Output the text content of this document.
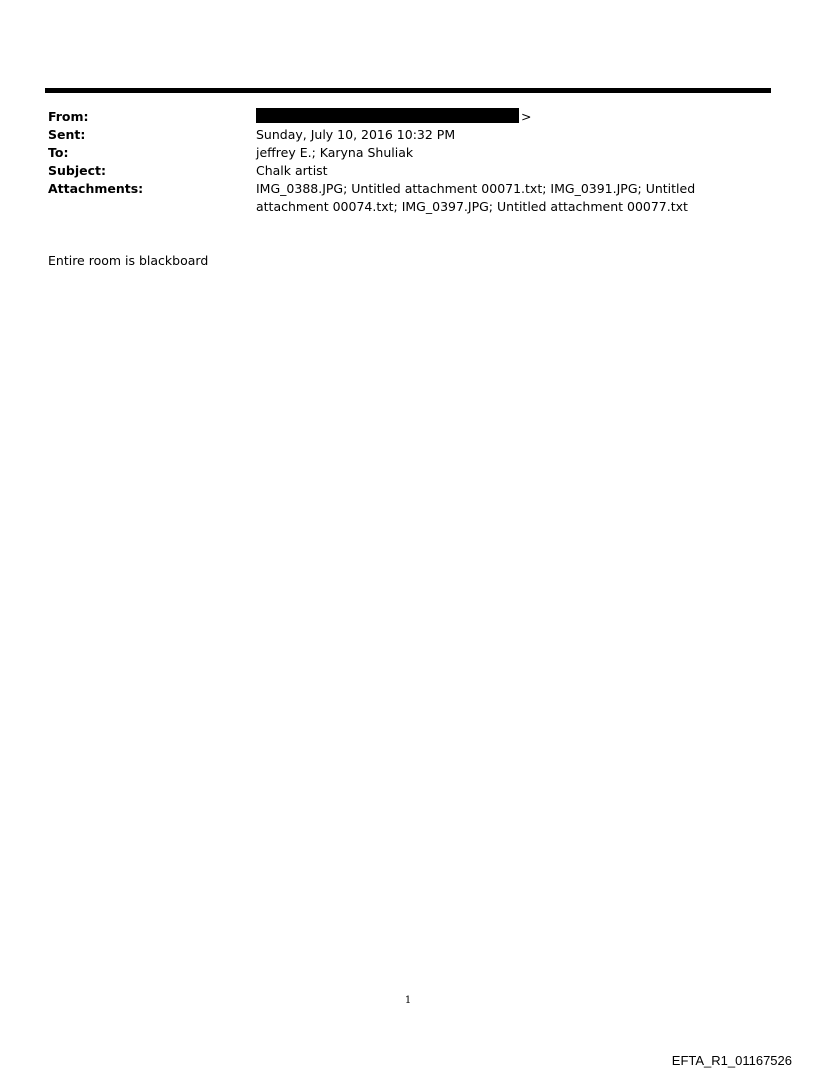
From:	>
Sent:	Sunday, July 10, 2016 10:32 PM
To:	jeffrey E.; Karyna Shuliak
Subject:	Chalk artist
Attachments:	IMG_0388.JPG; Untitled attachment 00071.txt; IMG_0391.JPG; Untitled attachment 00074.txt; IMG_0397.JPG; Untitled attachment 00077.txt
Entire room is blackboard
1
EFTA_R1_01167526
